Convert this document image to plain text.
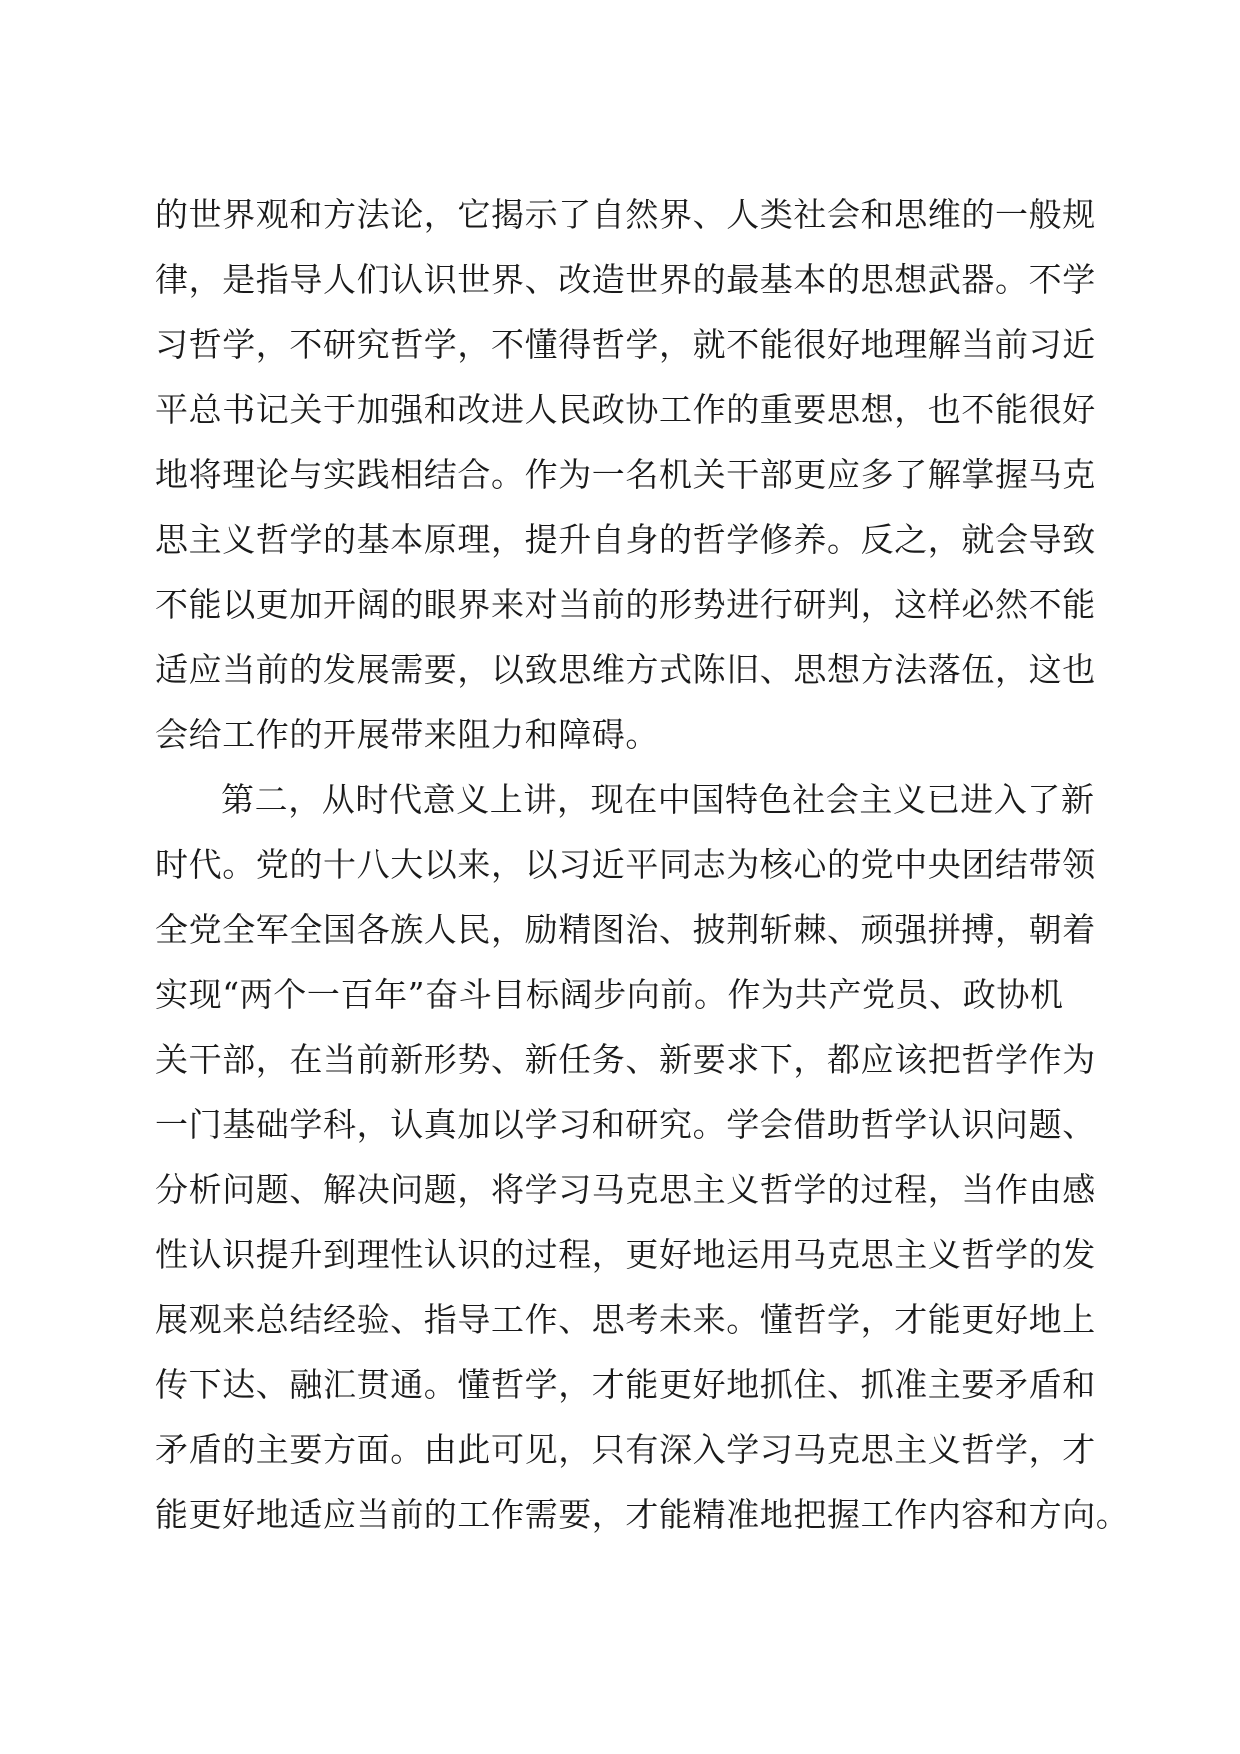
的世界观和方法论，它揭示了自然界、人类社会和思维的一般规
律，是指导人们认识世界、改造世界的最基本的思想武器。不学
习哲学，不研究哲学，不懂得哲学，就不能很好地理解当前习近
平总书记关于加强和改进人民政协工作的重要思想，也不能很好
地将理论与实践相结合。作为一名机关干部更应多了解掌握马克
思主义哲学的基本原理，提升自身的哲学修养。反之，就会导致
不能以更加开阔的眼界来对当前的形势进行研判，这样必然不能
适应当前的发展需要，以致思维方式陈旧、思想方法落伍，这也
会给工作的开展带来阻力和障碍。
第二，从时代意义上讲，现在中国特色社会主义已进入了新
时代。党的十八大以来，以习近平同志为核心的党中央团结带领
全党全军全国各族人民，励精图治、披荆斩棘、顽强拼搏，朝着
实现“两个一百年”奋斗目标阔步向前。作为共产党员、政协机
关干部，在当前新形势、新任务、新要求下，都应该把哲学作为
一门基础学科，认真加以学习和研究。学会借助哲学认识问题、
分析问题、解决问题，将学习马克思主义哲学的过程，当作由感
性认识提升到理性认识的过程，更好地运用马克思主义哲学的发
展观来总结经验、指导工作、思考未来。懂哲学，才能更好地上
传下达、融汇贯通。懂哲学，才能更好地抓住、抓准主要矛盾和
矛盾的主要方面。由此可见，只有深入学习马克思主义哲学，才
能更好地适应当前的工作需要，才能精准地把握工作内容和方向。
